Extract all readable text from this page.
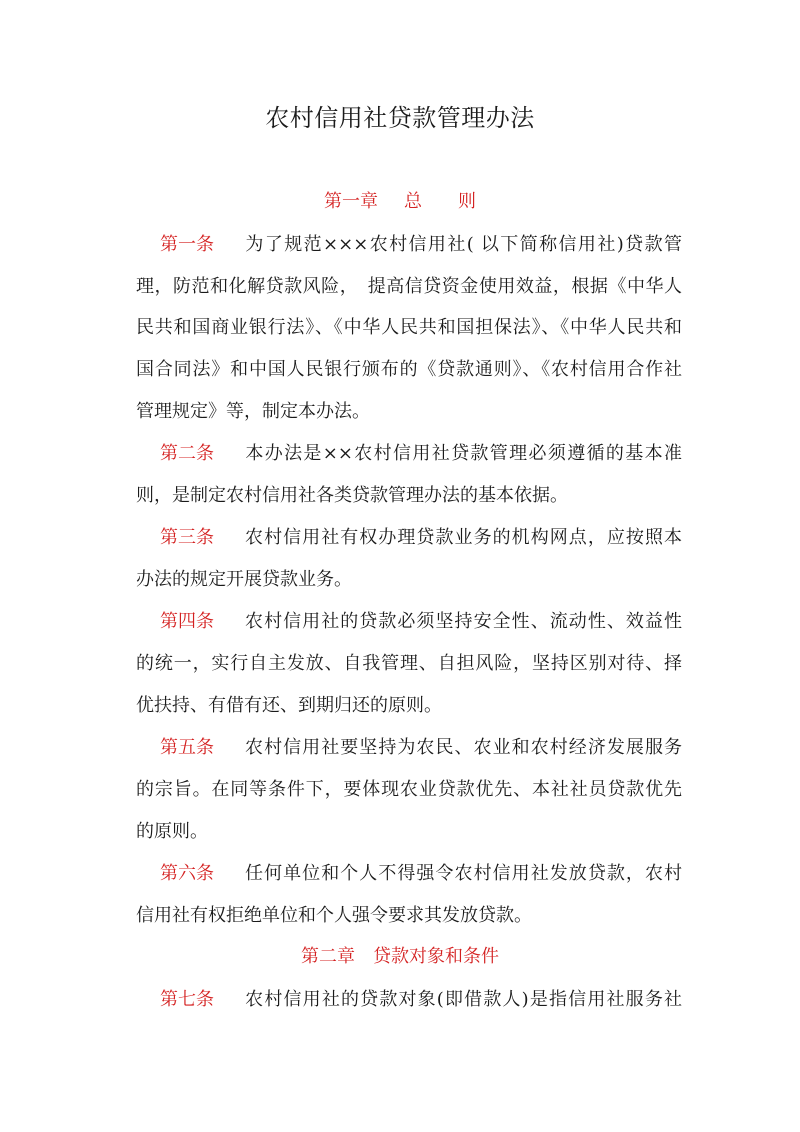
农村信用社贷款管理办法
第一章 总 则
第一条 为了规范×××农村信用社( 以下简称信用社)贷款管
理，防范和化解贷款风险，　提高信贷资金使用效益，根据《中华人
民共和国商业银行法》、《中华人民共和国担保法》、《中华人民共和
国合同法》和中国人民银行颁布的《贷款通则》、《农村信用合作社
管理规定》等，制定本办法。
第二条 本办法是××农村信用社贷款管理必须遵循的基本准
则，是制定农村信用社各类贷款管理办法的基本依据。
第三条 农村信用社有权办理贷款业务的机构网点，应按照本
办法的规定开展贷款业务。
第四条 农村信用社的贷款必须坚持安全性、流动性、效益性
的统一，实行自主发放、自我管理、自担风险，坚持区别对待、择
优扶持、有借有还、到期归还的原则。
第五条 农村信用社要坚持为农民、农业和农村经济发展服务
的宗旨。在同等条件下，要体现农业贷款优先、本社社员贷款优先
的原则。
第六条 任何单位和个人不得强令农村信用社发放贷款，农村
信用社有权拒绝单位和个人强令要求其发放贷款。
第二章 贷款对象和条件
第七条 农村信用社的贷款对象(即借款人)是指信用社服务社
